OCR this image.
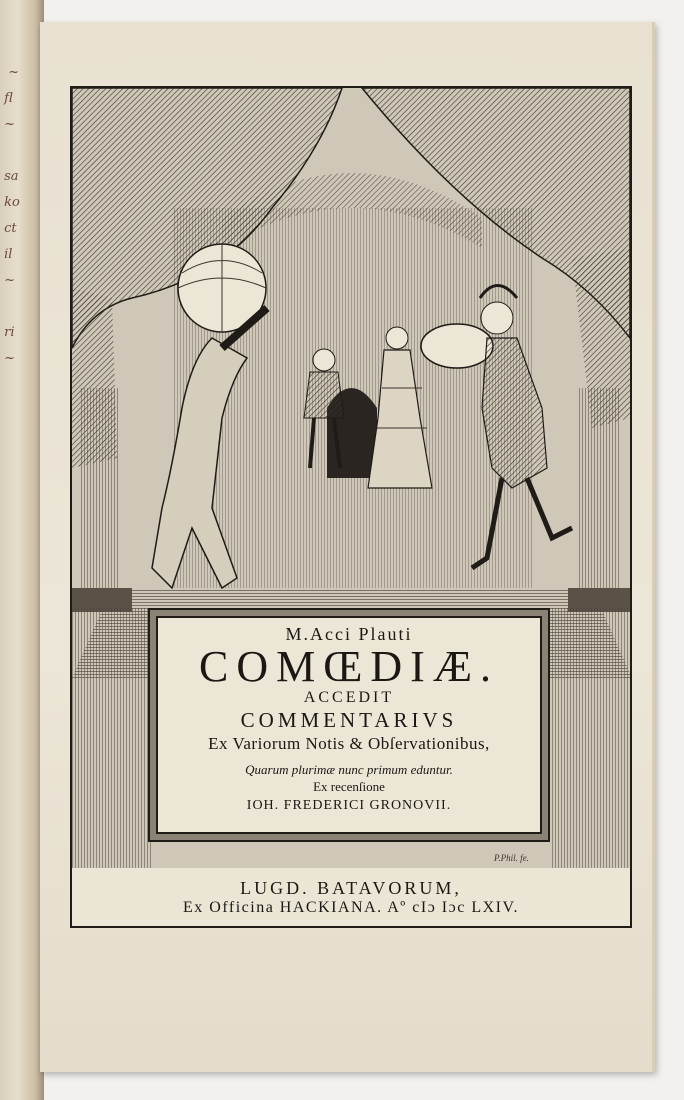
~
fl
~

sa
ko
ct
il
~

ri
~
M.Acci Plauti
COMŒDIÆ.
ACCEDIT
COMMENTARIVS
Ex Variorum Notis & Obſervationibus,
Quarum plurimæ nunc primum eduntur.
Ex recenſione
IOH. FREDERICI GRONOVII.
P.Phil. fe.
LUGD. BATAVORUM,
Ex Officina HACKIANA. Aº cIɔ Iɔc LXIV.
